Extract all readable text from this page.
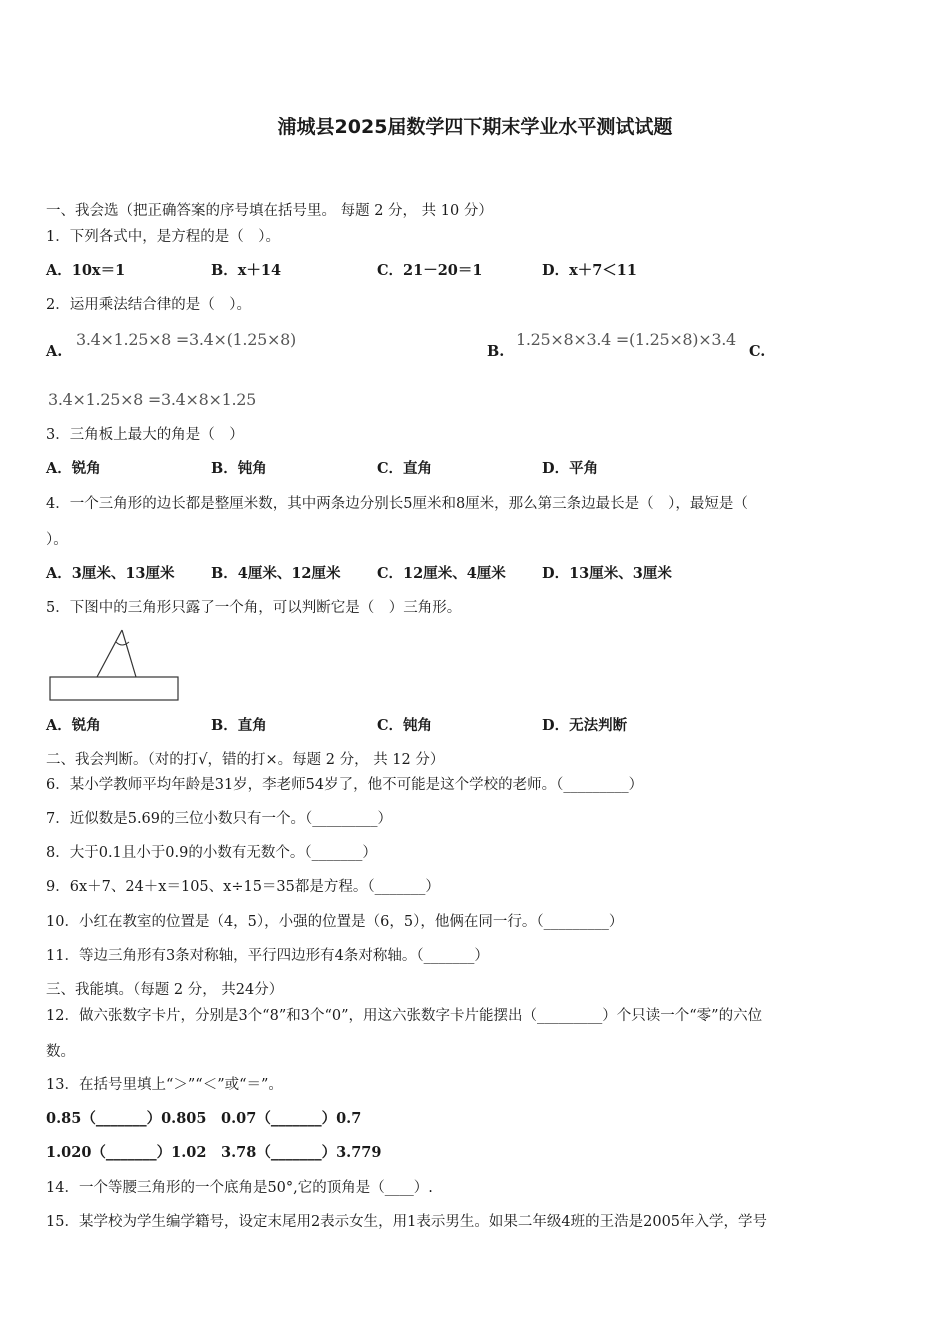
浦城县2025届数学四下期末学业水平测试试题
一、我会选（把正确答案的序号填在括号里。 每题 2 分， 共 10 分）
1．下列各式中，是方程的是（　）。
A．10x＝1	B．x＋14	C．21－20＝1	D．x＋7＜11
2．运用乘法结合律的是（　）。
A.
3.4×1.25×8 =3.4×(1.25×8)
B.
1.25×8×3.4 =(1.25×8)×3.4
C.
3.4×1.25×8 =3.4×8×1.25
3．三角板上最大的角是（　）
A．锐角	B．钝角	C．直角	D．平角
4．一个三角形的边长都是整厘米数，其中两条边分别长5厘米和8厘米，那么第三条边最长是（　），最短是（
）。
A．3厘米、13厘米	B．4厘米、12厘米	C．12厘米、4厘米 D．13厘米、3厘米
5．下图中的三角形只露了一个角，可以判断它是（　）三角形。
A．锐角	B．直角	C．钝角	D．无法判断
二、我会判断。（对的打√，错的打×。每题 2 分， 共 12 分）
6．某小学教师平均年龄是31岁，李老师54岁了，他不可能是这个学校的老师。（_________）
7．近似数是5.69的三位小数只有一个。（_________）
8．大于0.1且小于0.9的小数有无数个。（_______）
9．6x＋7、24＋x＝105、x÷15＝35都是方程。（_______）
10．小红在教室的位置是（4，5），小强的位置是（6，5），他俩在同一行。（_________）
11．等边三角形有3条对称轴，平行四边形有4条对称轴。（_______）
三、我能填。（每题 2 分， 共24分）
12．做六张数字卡片，分别是3个“8”和3个“0”，用这六张数字卡片能摆出（_________）个只读一个“零”的六位
数。
13．在括号里填上“＞”“＜”或“＝”。
0.85（_______）0.805 0.07（_______）0.7
1.020（_______）1.02 3.78（_______）3.779
14．一个等腰三角形的一个底角是50°,它的顶角是（____）.
15．某学校为学生编学籍号，设定末尾用2表示女生，用1表示男生。如果二年级4班的王浩是2005年入学，学号
